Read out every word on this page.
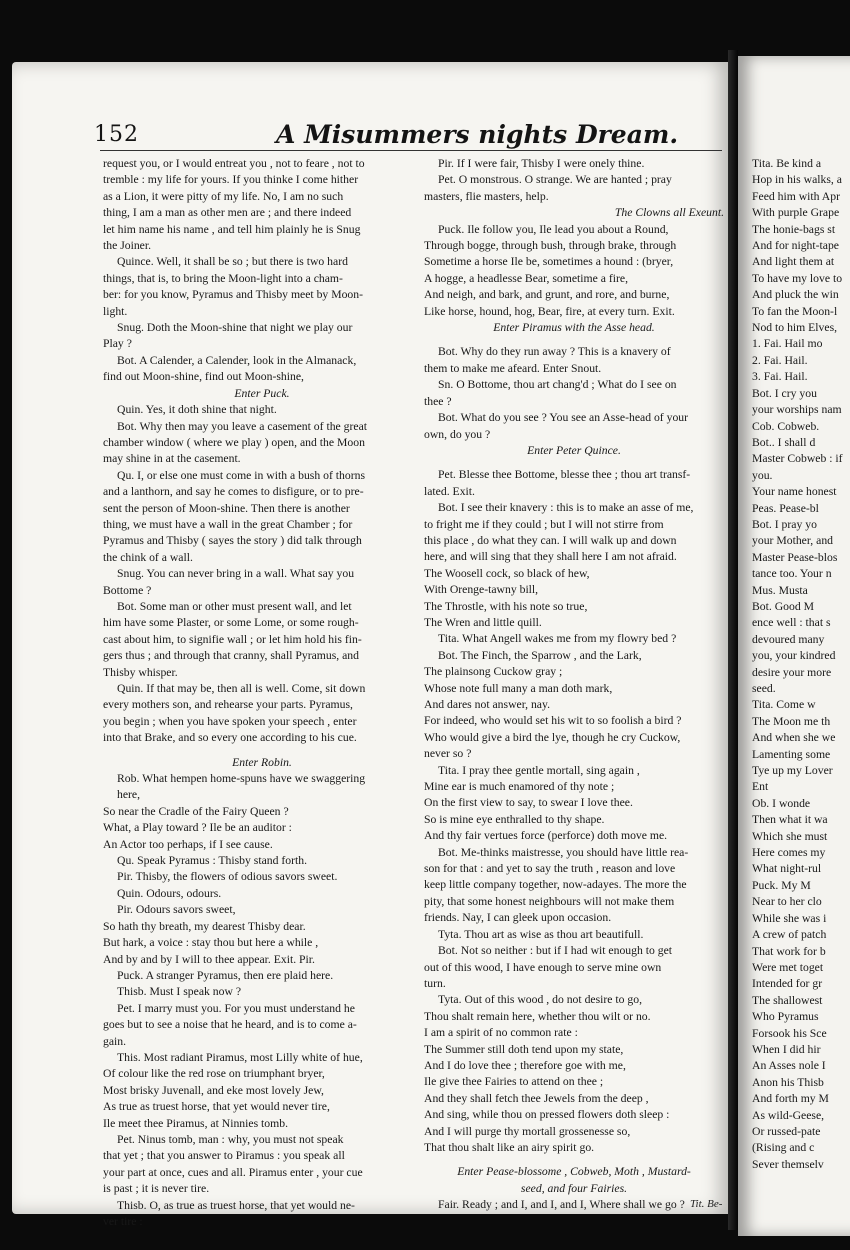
152	A Misummers nights Dream.
request you, or I would entreat you , not to feare , not to
tremble : my life for yours. If you thinke I come hither
as a Lion, it were pitty of my life. No, I am no such
thing, I am a man as other men are ; and there indeed
let him name his name , and tell him plainly he is Snug
the Joiner.
Quince. Well, it shall be so ; but there is two hard
things, that is, to bring the Moon-light into a cham-
ber: for you know, Pyramus and Thisby meet by Moon-
light.
Snug. Doth the Moon-shine that night we play our
Play ?
Bot. A Calender, a Calender, look in the Almanack,
find out Moon-shine, find out Moon-shine,
Enter Puck.
Quin. Yes, it doth shine that night.
Bot. Why then may you leave a casement of the great
chamber window ( where we play ) open, and the Moon
may shine in at the casement.
Qu. I, or else one must come in with a bush of thorns
and a lanthorn, and say he comes to disfigure, or to pre-
sent the person of Moon-shine. Then there is another
thing, we must have a wall in the great Chamber ; for
Pyramus and Thisby ( sayes the story ) did talk through
the chink of a wall.
Snug. You can never bring in a wall. What say you
Bottome ?
Bot. Some man or other must present wall, and let
him have some Plaster, or some Lome, or some rough-
cast about him, to signifie wall ; or let him hold his fin-
gers thus ; and through that cranny, shall Pyramus, and
Thisby whisper.
Quin. If that may be, then all is well. Come, sit down
every mothers son, and rehearse your parts. Pyramus,
you begin ; when you have spoken your speech , enter
into that Brake, and so every one according to his cue.
Enter Robin.
Rob. What hempen home-spuns have we swaggering
here,
So near the Cradle of the Fairy Queen ?
What, a Play toward ? Ile be an auditor :
An Actor too perhaps, if I see cause.
Qu. Speak Pyramus : Thisby stand forth.
Pir. Thisby, the flowers of odious savors sweet.
Quin. Odours, odours.
Pir. Odours savors sweet,
So hath thy breath, my dearest Thisby dear.
But hark, a voice : stay thou but here a while ,
And by and by I will to thee appear. Exit. Pir.
Puck. A stranger Pyramus, then ere plaid here.
Thisb. Must I speak now ?
Pet. I marry must you. For you must understand he
goes but to see a noise that he heard, and is to come a-
gain.
This. Most radiant Piramus, most Lilly white of hue,
Of colour like the red rose on triumphant bryer,
Most brisky Juvenall, and eke most lovely Jew,
As true as truest horse, that yet would never tire,
Ile meet thee Piramus, at Ninnies tomb.
Pet. Ninus tomb, man : why, you must not speak
that yet ; that you answer to Piramus : you speak all
your part at once, cues and all. Piramus enter , your cue
is past ; it is never tire.
Thisb. O, as true as truest horse, that yet would ne-
ver tire :
Pir. If I were fair, Thisby I were onely thine.
Pet. O monstrous. O strange. We are hanted ; pray
masters, flie masters, help.
The Clowns all Exeunt.
Puck. Ile follow you, Ile lead you about a Round,
Through bogge, through bush, through brake, through
Sometime a horse Ile be, sometimes a hound : (bryer,
A hogge, a headlesse Bear, sometime a fire,
And neigh, and bark, and grunt, and rore, and burne,
Like horse, hound, hog, Bear, fire, at every turn. Exit.
Enter Piramus with the Asse head.
Bot. Why do they run away ? This is a knavery of
them to make me afeard. Enter Snout.
Sn. O Bottome, thou art chang'd ; What do I see on
thee ?
Bot. What do you see ? You see an Asse-head of your
own, do you ?
Enter Peter Quince.
Pet. Blesse thee Bottome, blesse thee ; thou art transf-
lated. Exit.
Bot. I see their knavery : this is to make an asse of me,
to fright me if they could ; but I will not stirre from
this place , do what they can. I will walk up and down
here, and will sing that they shall here I am not afraid.
The Woosell cock, so black of hew,
With Orenge-tawny bill,
The Throstle, with his note so true,
The Wren and little quill.
Tita. What Angell wakes me from my flowry bed ?
Bot. The Finch, the Sparrow , and the Lark,
The plainsong Cuckow gray ;
Whose note full many a man doth mark,
And dares not answer, nay.
For indeed, who would set his wit to so foolish a bird ?
Who would give a bird the lye, though he cry Cuckow,
never so ?
Tita. I pray thee gentle mortall, sing again ,
Mine ear is much enamored of thy note ;
On the first view to say, to swear I love thee.
So is mine eye enthralled to thy shape.
And thy fair vertues force (perforce) doth move me.
Bot. Me-thinks maistresse, you should have little rea-
son for that : and yet to say the truth , reason and love
keep little company together, now-adayes. The more the
pity, that some honest neighbours will not make them
friends. Nay, I can gleek upon occasion.
Tyta. Thou art as wise as thou art beautifull.
Bot. Not so neither : but if I had wit enough to get
out of this wood, I have enough to serve mine own
turn.
Tyta. Out of this wood , do not desire to go,
Thou shalt remain here, whether thou wilt or no.
I am a spirit of no common rate :
The Summer still doth tend upon my state,
And I do love thee ; therefore goe with me,
Ile give thee Fairies to attend on thee ;
And they shall fetch thee Jewels from the deep ,
And sing, while thou on pressed flowers doth sleep :
And I will purge thy mortall grossenesse so,
That thou shalt like an airy spirit go.
Enter Pease-blossome , Cobweb, Moth , Mustard-
seed, and four Fairies.
Fair. Ready ; and I, and I, and I, Where shall we go ? Tit. Be-
Tita. Be kind a
Hop in his walks, a
Feed him with Apr
With purple Grape
The honie-bags st
And for night-tape
And light them at
To have my love to
And pluck the win
To fan the Moon-l
Nod to him Elves,
1. Fai. Hail mo
2. Fai. Hail.
3. Fai. Hail.
Bot. I cry you
your worships nam
Cob. Cobweb.
Bot.. I shall d
Master Cobweb : if
you.
Your name honest
Peas. Pease-bl
Bot. I pray yo
your Mother, and
Master Pease-blos
tance too. Your n
Mus. Musta
Bot. Good M
ence well : that s
devoured many
you, your kindred
desire your more
seed.
Tita. Come w
The Moon me th
And when she we
Lamenting some
Tye up my Lover
Ent
Ob. I wonde
Then what it wa
Which she must
Here comes my
What night-rul
Puck. My M
Near to her clo
While she was i
A crew of patch
That work for b
Were met toget
Intended for gr
The shallowest
Who Pyramus
Forsook his Sce
When I did hir
An Asses nole I
Anon his Thisb
And forth my M
As wild-Geese,
Or russed-pate
(Rising and c
Sever themselv
